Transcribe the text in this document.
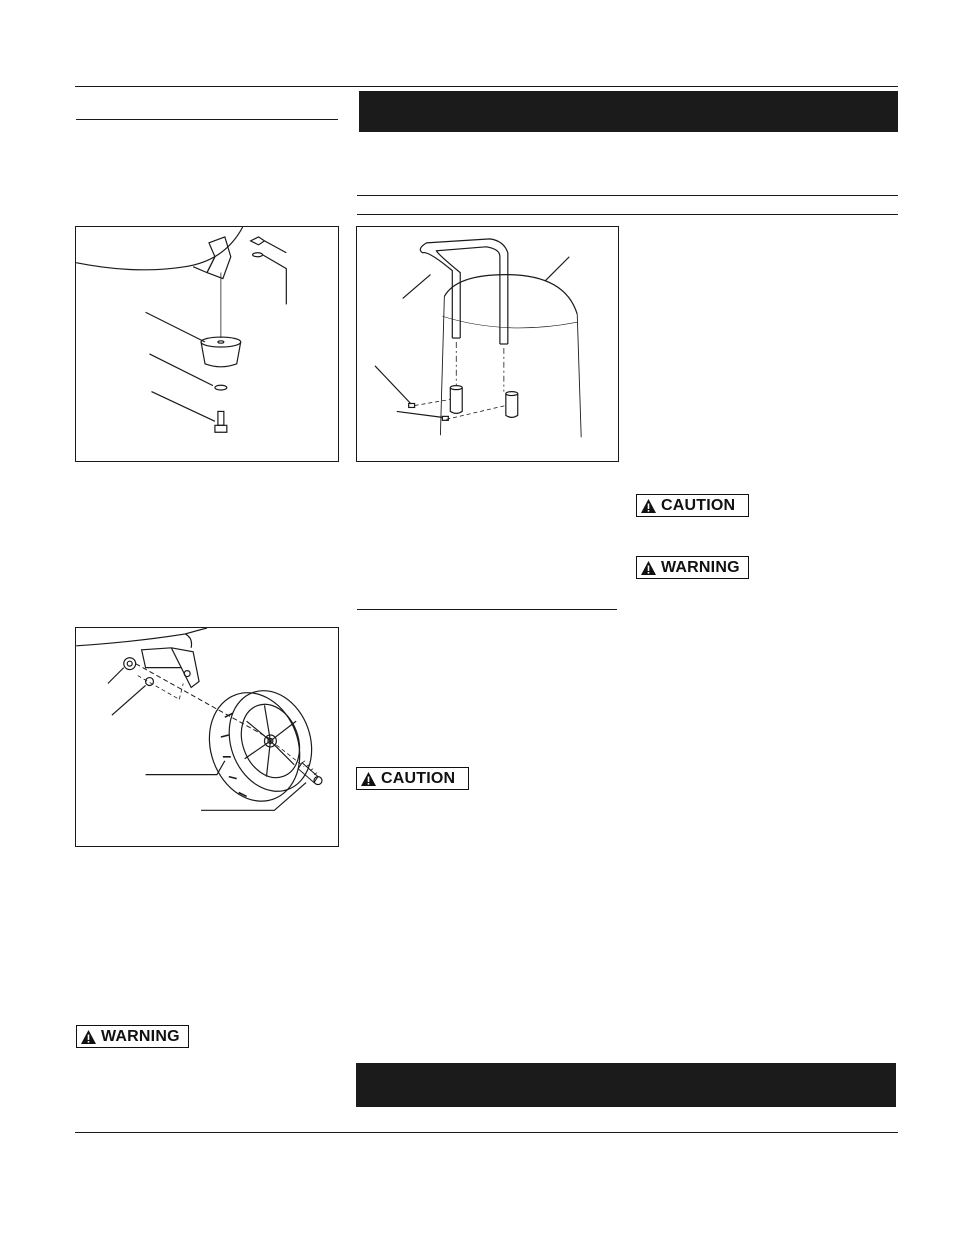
CAUTION
WARNING
CAUTION
WARNING
